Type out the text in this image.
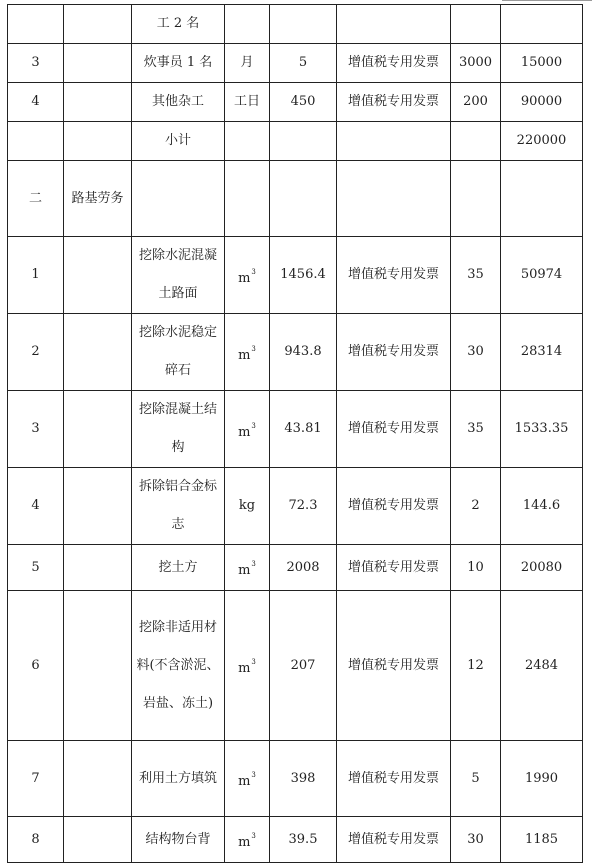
		工 2 名					
3		炊事员 1 名	月	5	增值税专用发票	3000	15000
4		其他杂工	工日	450	增值税专用发票	200	90000
		小计					220000
二	路基劳务						
1		挖除水泥混凝土路面	$m^3$	1456.4	增值税专用发票	35	50974
2		挖除水泥稳定碎石	$m^3$	943.8	增值税专用发票	30	28314
3		挖除混凝土结构	$m^3$	43.81	增值税专用发票	35	1533.35
4		拆除铝合金标志	kg	72.3	增值税专用发票	2	144.6
5		挖土方	$m^3$	2008	增值税专用发票	10	20080
6		挖除非适用材料(不含淤泥、岩盐、冻土)	$m^3$	207	增值税专用发票	12	2484
7		利用土方填筑	$m^3$	398	增值税专用发票	5	1990
8		结构物台背	$m^3$	39.5	增值税专用发票	30	1185
